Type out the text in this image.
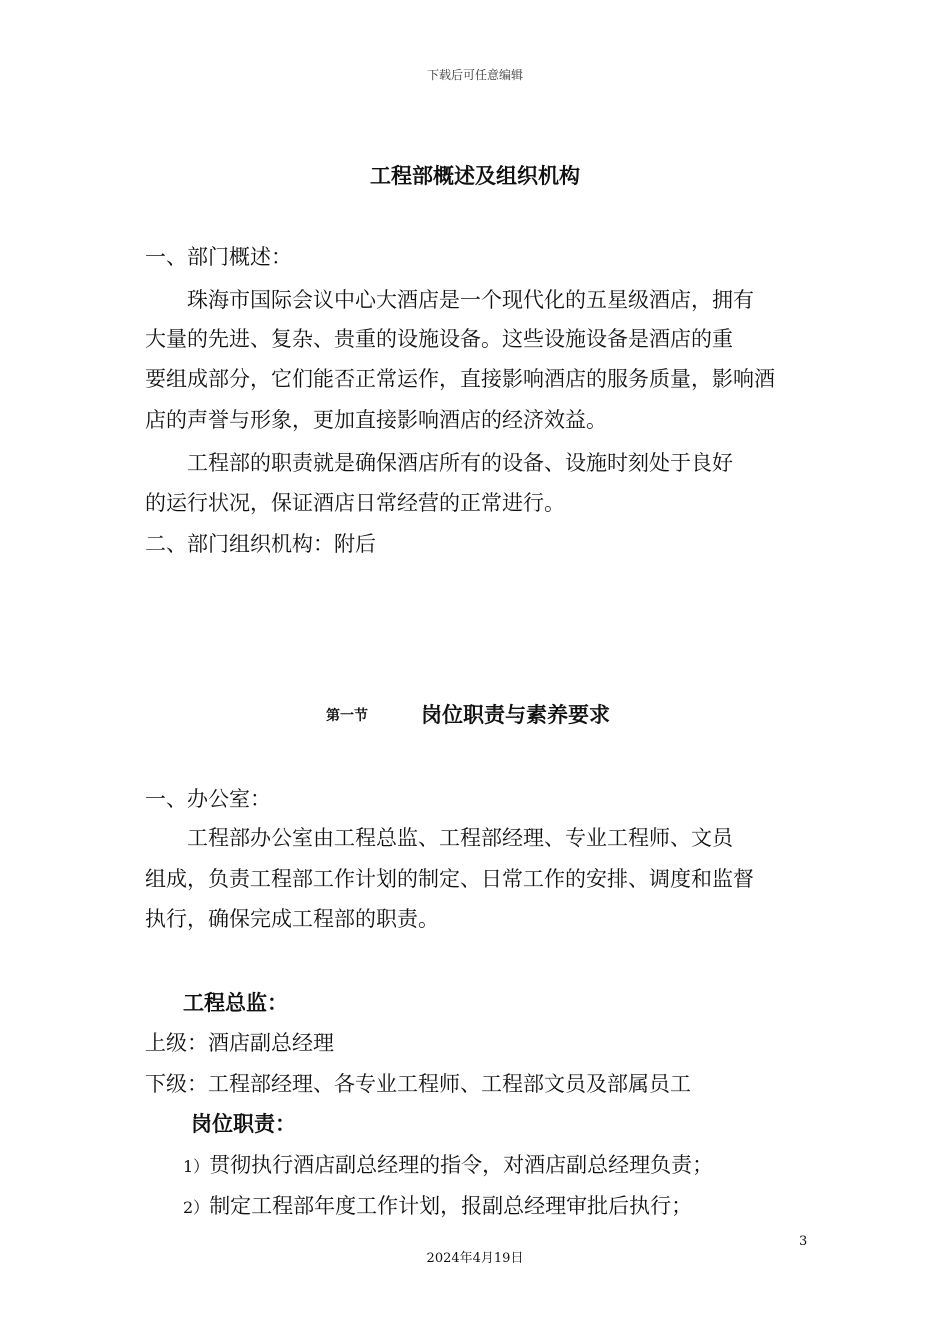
下载后可任意编辑
工程部概述及组织机构
一、部门概述：
　　珠海市国际会议中心大酒店是一个现代化的五星级酒店，拥有
大量的先进、复杂、贵重的设施设备。这些设施设备是酒店的重
要组成部分，它们能否正常运作，直接影响酒店的服务质量，影响酒
店的声誉与形象，更加直接影响酒店的经济效益。
　　工程部的职责就是确保酒店所有的设备、设施时刻处于良好
的运行状况，保证酒店日常经营的正常进行。
二、部门组织机构：附后
第一节	岗位职责与素养要求
一、办公室：
　　工程部办公室由工程总监、工程部经理、专业工程师、文员
组成，负责工程部工作计划的制定、日常工作的安排、调度和监督
执行，确保完成工程部的职责。
工程总监：
上级：酒店副总经理
下级：工程部经理、各专业工程师、工程部文员及部属员工
岗位职责：
1）贯彻执行酒店副总经理的指令，对酒店副总经理负责；
2）制定工程部年度工作计划，报副总经理审批后执行；
3
2024年4月19日
